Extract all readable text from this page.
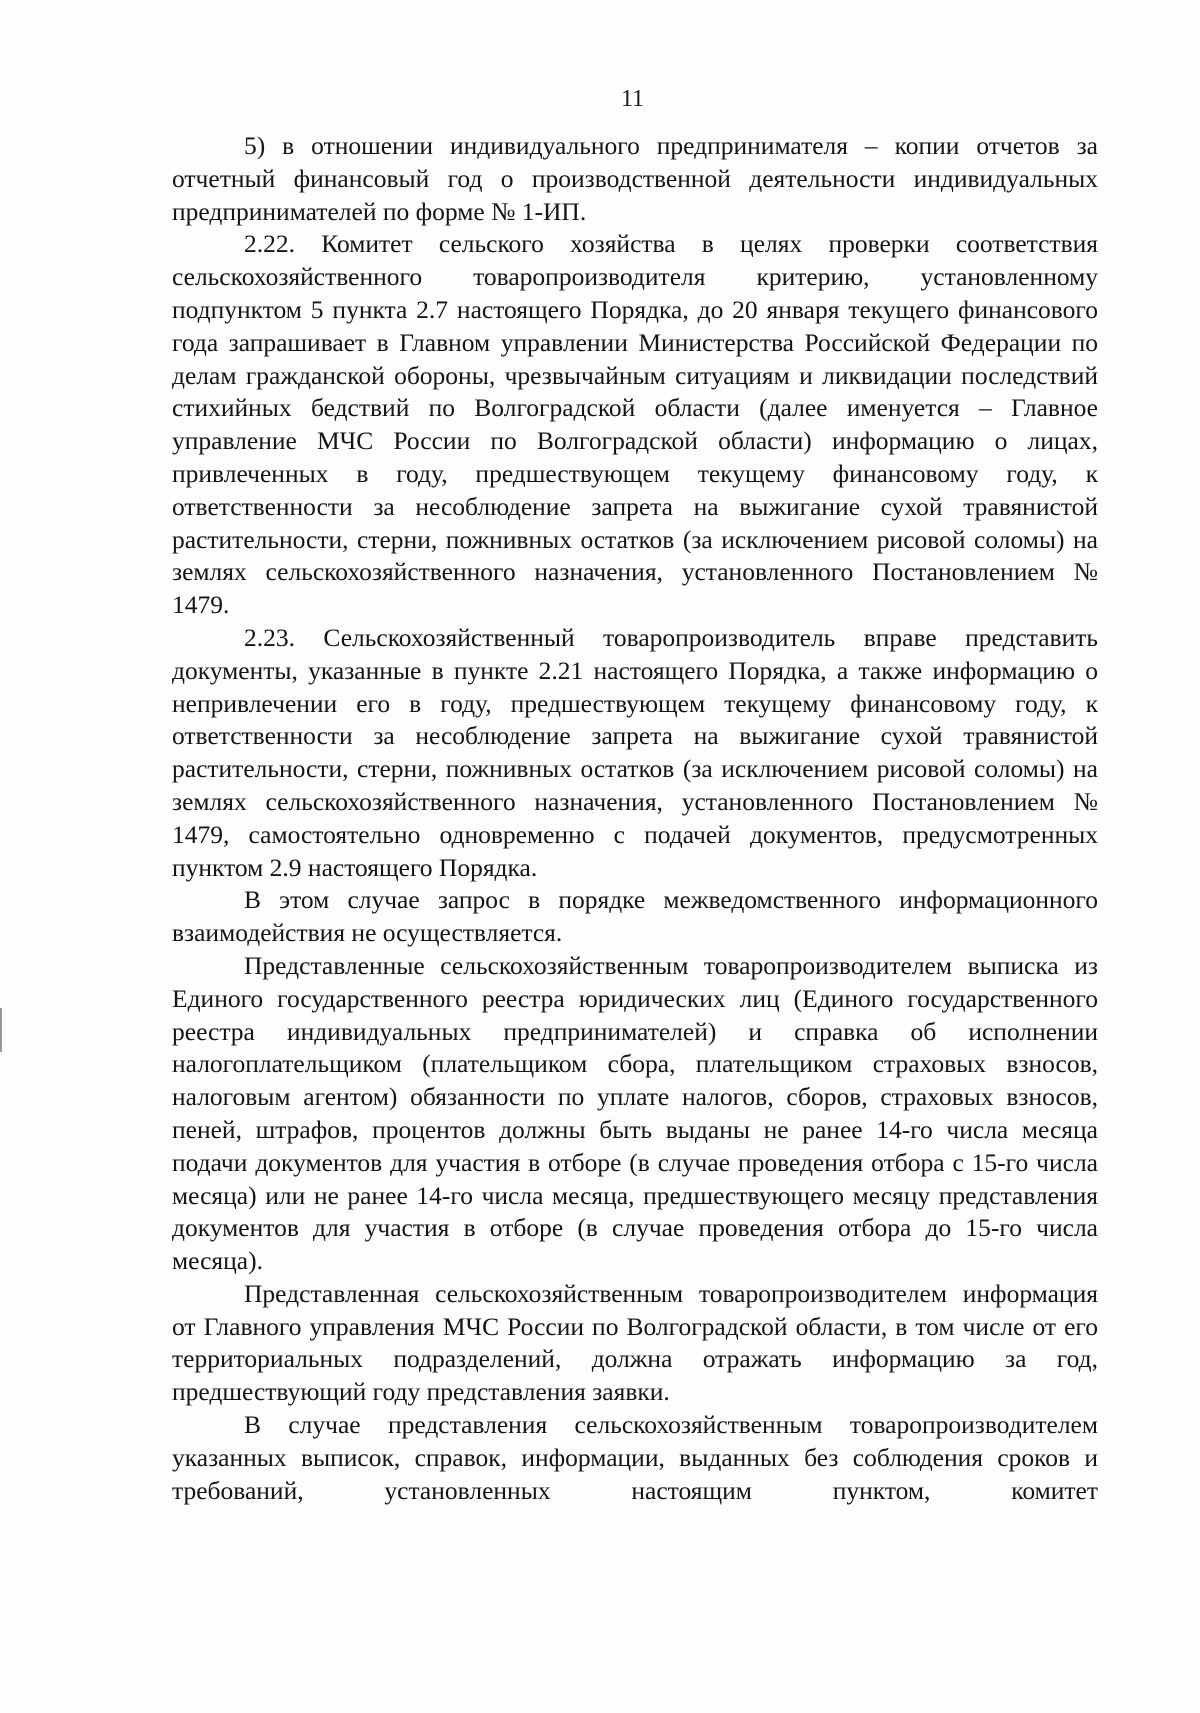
11

5) в отношении индивидуального предпринимателя – копии отчетов за отчетный финансовый год о производственной деятельности индивидуальных предпринимателей по форме № 1-ИП.

2.22. Комитет сельского хозяйства в целях проверки соответствия сельскохозяйственного товаропроизводителя критерию, установленному подпунктом 5 пункта 2.7 настоящего Порядка, до 20 января текущего финансового года запрашивает в Главном управлении Министерства Российской Федерации по делам гражданской обороны, чрезвычайным ситуациям и ликвидации последствий стихийных бедствий по Волгоградской области (далее именуется – Главное управление МЧС России по Волгоградской области) информацию о лицах, привлеченных в году, предшествующем текущему финансовому году, к ответственности за несоблюдение запрета на выжигание сухой травянистой растительности, стерни, пожнивных остатков (за исключением рисовой соломы) на землях сельскохозяйственного назначения, установленного Постановлением № 1479.

2.23. Сельскохозяйственный товаропроизводитель вправе представить документы, указанные в пункте 2.21 настоящего Порядка, а также информацию о непривлечении его в году, предшествующем текущему финансовому году, к ответственности за несоблюдение запрета на выжигание сухой травянистой растительности, стерни, пожнивных остатков (за исключением рисовой соломы) на землях сельскохозяйственного назначения, установленного Постановлением № 1479, самостоятельно одновременно с подачей документов, предусмотренных пунктом 2.9 настоящего Порядка.

В этом случае запрос в порядке межведомственного информационного взаимодействия не осуществляется.

Представленные сельскохозяйственным товаропроизводителем выписка из Единого государственного реестра юридических лиц (Единого государственного реестра индивидуальных предпринимателей) и справка об исполнении налогоплательщиком (плательщиком сбора, плательщиком страховых взносов, налоговым агентом) обязанности по уплате налогов, сборов, страховых взносов, пеней, штрафов, процентов должны быть выданы не ранее 14-го числа месяца подачи документов для участия в отборе (в случае проведения отбора с 15-го числа месяца) или не ранее 14-го числа месяца, предшествующего месяцу представления документов для участия в отборе (в случае проведения отбора до 15-го числа месяца).

Представленная сельскохозяйственным товаропроизводителем информация от Главного управления МЧС России по Волгоградской области, в том числе от его территориальных подразделений, должна отражать информацию за год, предшествующий году представления заявки.

В случае представления сельскохозяйственным товаропроизводителем указанных выписок, справок, информации, выданных без соблюдения сроков и требований, установленных настоящим пунктом, комитет
